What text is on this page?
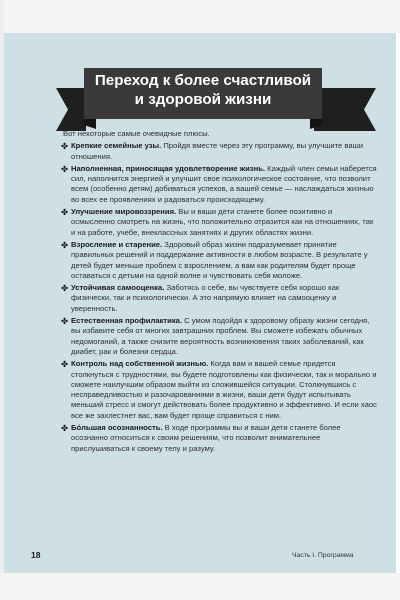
Переход к более счастливой
и здоровой жизни

Вот некоторые самые очевидные плюсы.

✤ Крепкие семейные узы. Пройдя вместе через эту программу, вы улучшите ваши отношения.
✤ Наполненная, приносящая удовлетворение жизнь. Каждый член семьи наберется сил, наполнится энергией и улучшит свое психологическое состояние, что позволит всем (особенно детям) добиваться успехов, а вашей семье — наслаждаться жизнью во всех ее проявлениях и радоваться происходящему.
✤ Улучшение мировоззрения. Вы и ваши дети станете более позитивно и осмысленно смотреть на жизнь, что положительно отразится как на отношениях, так и на работе, учебе, внеклассных занятиях и других областях жизни.
✤ Взросление и старение. Здоровый образ жизни подразумевает принятие правильных решений и поддержание активности в любом возрасте. В результате у детей будет меньше проблем с взрослением, а вам как родителям будет проще оставаться с детьми на одной волне и чувствовать себя моложе.
✤ Устойчивая самооценка. Заботясь о себе, вы чувствуете себя хорошо как физически, так и психологически. А это напрямую влияет на самооценку и уверенность.
✤ Естественная профилактика. С умом подойдя к здоровому образу жизни сегодня, вы избавите себя от многих завтрашних проблем. Вы сможете избежать обычных недомоганий, а также снизите вероятность возникновения таких заболеваний, как диабет, рак и болезни сердца.
✤ Контроль над собственной жизнью. Когда вам и вашей семье придется столкнуться с трудностями, вы будете подготовлены как физически, так и морально и сможете наилучшим образом выйти из сложившейся ситуации. Столкнувшись с несправедливостью и разочарованиями в жизни, ваши дети будут испытывать меньший стресс и смогут действовать более продуктивно и эффективно. И если хаос все же захлестнет вас, вам будет проще справиться с ним.
✤ Бóльшая осознанность. В ходе программы вы и ваши дети станете более осознанно относиться к своим решениям, что позволит внимательнее прислушиваться к своему телу и разуму.
18	Часть I. Программа
